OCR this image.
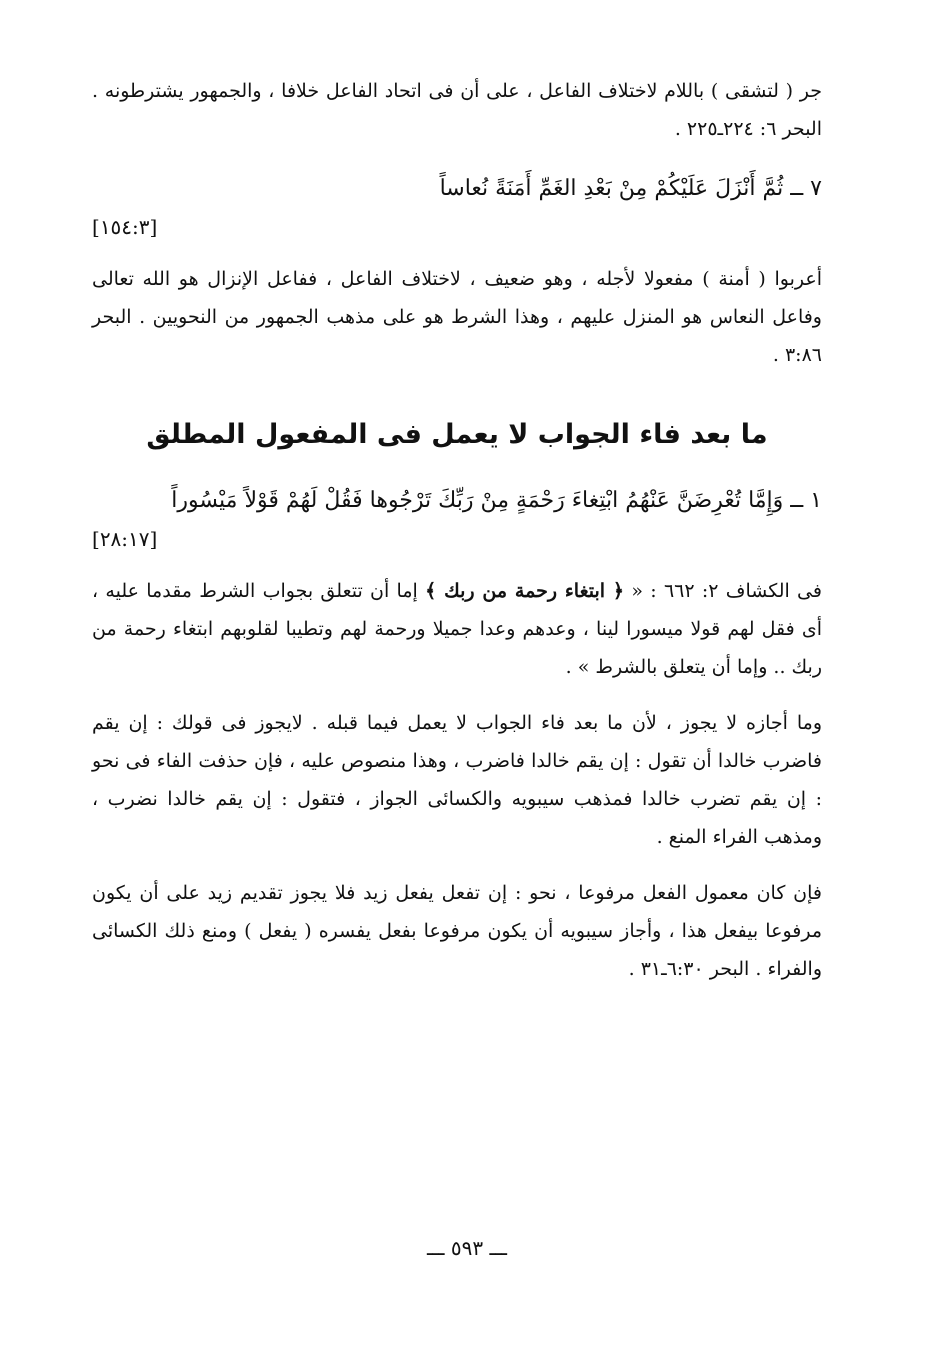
جر ( لتشقى ) باللام لاختلاف الفاعل ، على أن فى اتحاد الفاعل خلافا ، والجمهور يشترطونه . البحر ٦: ٢٢٤ـ٢٢٥ .

٧ ــ ثُمَّ أَنْزَلَ عَلَيْكُمْ مِنْ بَعْدِ الغَمِّ أَمَنَةً نُعاساً
[١٥٤:٣]

أعربوا ( أمنة ) مفعولا لأجله ، وهو ضعيف ، لاختلاف الفاعل ، ففاعل الإنزال هو الله تعالى وفاعل النعاس هو المنزل عليهم ، وهذا الشرط هو على مذهب الجمهور من النحويين . البحر ٣:٨٦ .

ما بعد فاء الجواب لا يعمل فى المفعول المطلق
١ ــ وَإِمَّا تُعْرِضَنَّ عَنْهُمُ ابْتِغاءَ رَحْمَةٍ مِنْ رَبِّكَ تَرْجُوها فَقُلْ لَهُمْ قَوْلاً مَيْسُوراً
[٢٨:١٧]

فى الكشاف ٢: ٦٦٢ : « ﴿ ابتغاء رحمة من ربك ﴾ إما أن تتعلق بجواب الشرط مقدما عليه ، أى فقل لهم قولا ميسورا لينا ، وعدهم وعدا جميلا ورحمة لهم وتطيبا لقلوبهم ابتغاء رحمة من ربك .. وإما أن يتعلق بالشرط » .

وما أجازه لا يجوز ، لأن ما بعد فاء الجواب لا يعمل فيما قبله . لايجوز فى قولك : إن يقم فاضرب خالدا أن تقول : إن يقم خالدا فاضرب ، وهذا منصوص عليه ، فإن حذفت الفاء فى نحو : إن يقم تضرب خالدا فمذهب سيبويه والكسائى الجواز ، فتقول : إن يقم خالدا نضرب ، ومذهب الفراء المنع .

فإن كان معمول الفعل مرفوعا ، نحو : إن تفعل يفعل زيد فلا يجوز تقديم زيد على أن يكون مرفوعا بيفعل هذا ، وأجاز سيبويه أن يكون مرفوعا بفعل يفسره ( يفعل ) ومنع ذلك الكسائى والفراء . البحر ٦:٣٠ـ٣١ .

ـــ ٥٩٣ ـــ
